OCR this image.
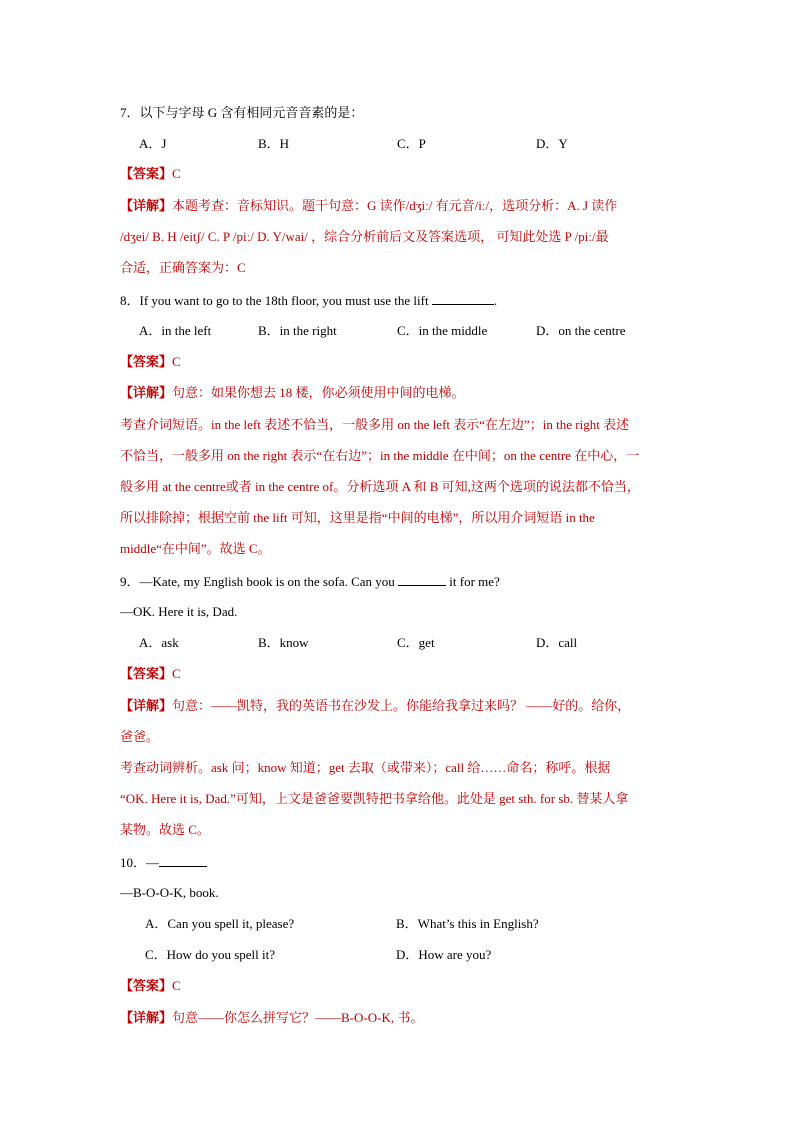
7．以下与字母 G 含有相同元音音素的是：
A．J	B．H	C．P	D．Y
【答案】C
【详解】本题考查：音标知识。题干句意：G 读作/dʒiː/ 有元音/iː/，选项分析：A. J 读作
/dʒei/ B. H /eitʃ/ C. P /piː/ D. Y/wai/ ，综合分析前后文及答案选项， 可知此处选 P /piː/最
合适，正确答案为：C
8．If you want to go to the 18th floor, you must use the lift	.
A．in the left	B．in the right	C．in the middle	D．on the centre
【答案】C
【详解】句意：如果你想去 18 楼，你必须使用中间的电梯。
考查介词短语。in the left 表述不恰当，一般多用 on the left 表示“在左边”；in the right 表述
不恰当，一般多用 on the right 表示“在右边”；in the middle 在中间；on the centre 在中心，一
般多用 at the centre或者 in the centre of。分析选项 A 和 B 可知,这两个选项的说法都不恰当，
所以排除掉；根据空前 the lift 可知，这里是指“中间的电梯”，所以用介词短语 in the
middle“在中间”。故选 C。
9．—Kate, my English book is on the sofa. Can you	it for me?
—OK. Here it is, Dad.
A．ask	B．know	C．get	D．call
【答案】C
【详解】句意：——凯特，我的英语书在沙发上。你能给我拿过来吗？ ——好的。给你，
爸爸。
考查动词辨析。ask 问；know 知道；get 去取（或带来）；call 给……命名；称呼。根据
“OK. Here it is, Dad.”可知，上文是爸爸要凯特把书拿给他。此处是 get sth. for sb. 替某人拿
某物。故选 C。
10．—
—B-O-O-K, book.
A．Can you spell it, please?	B．What’s this in English?
C．How do you spell it?	D．How are you?
【答案】C
【详解】句意——你怎么拼写它？——B-O-O-K, 书。
